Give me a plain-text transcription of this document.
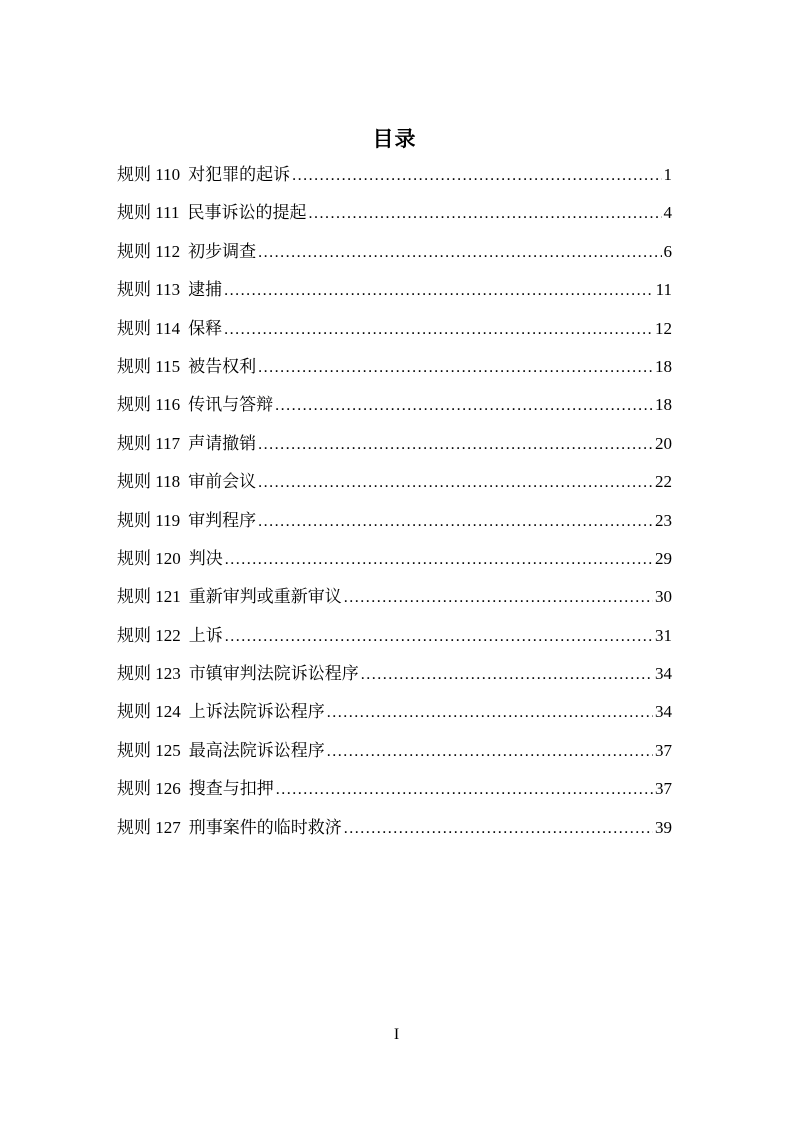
目录
规则 110 对犯罪的起诉 .....	1
规则 111 民事诉讼的提起 .....	4
规则 112 初步调查 .....	6
规则 113 逮捕 .....	11
规则 114 保释 .....	12
规则 115 被告权利 .....	18
规则 116 传讯与答辩 .....	18
规则 117 声请撤销 .....	20
规则 118 审前会议 .....	22
规则 119 审判程序 .....	23
规则 120 判决 .....	29
规则 121 重新审判或重新审议 .....	30
规则 122 上诉 .....	31
规则 123 市镇审判法院诉讼程序 .....	34
规则 124 上诉法院诉讼程序 .....	34
规则 125 最高法院诉讼程序 .....	37
规则 126 搜查与扣押 .....	37
规则 127 刑事案件的临时救济 .....	39
I
